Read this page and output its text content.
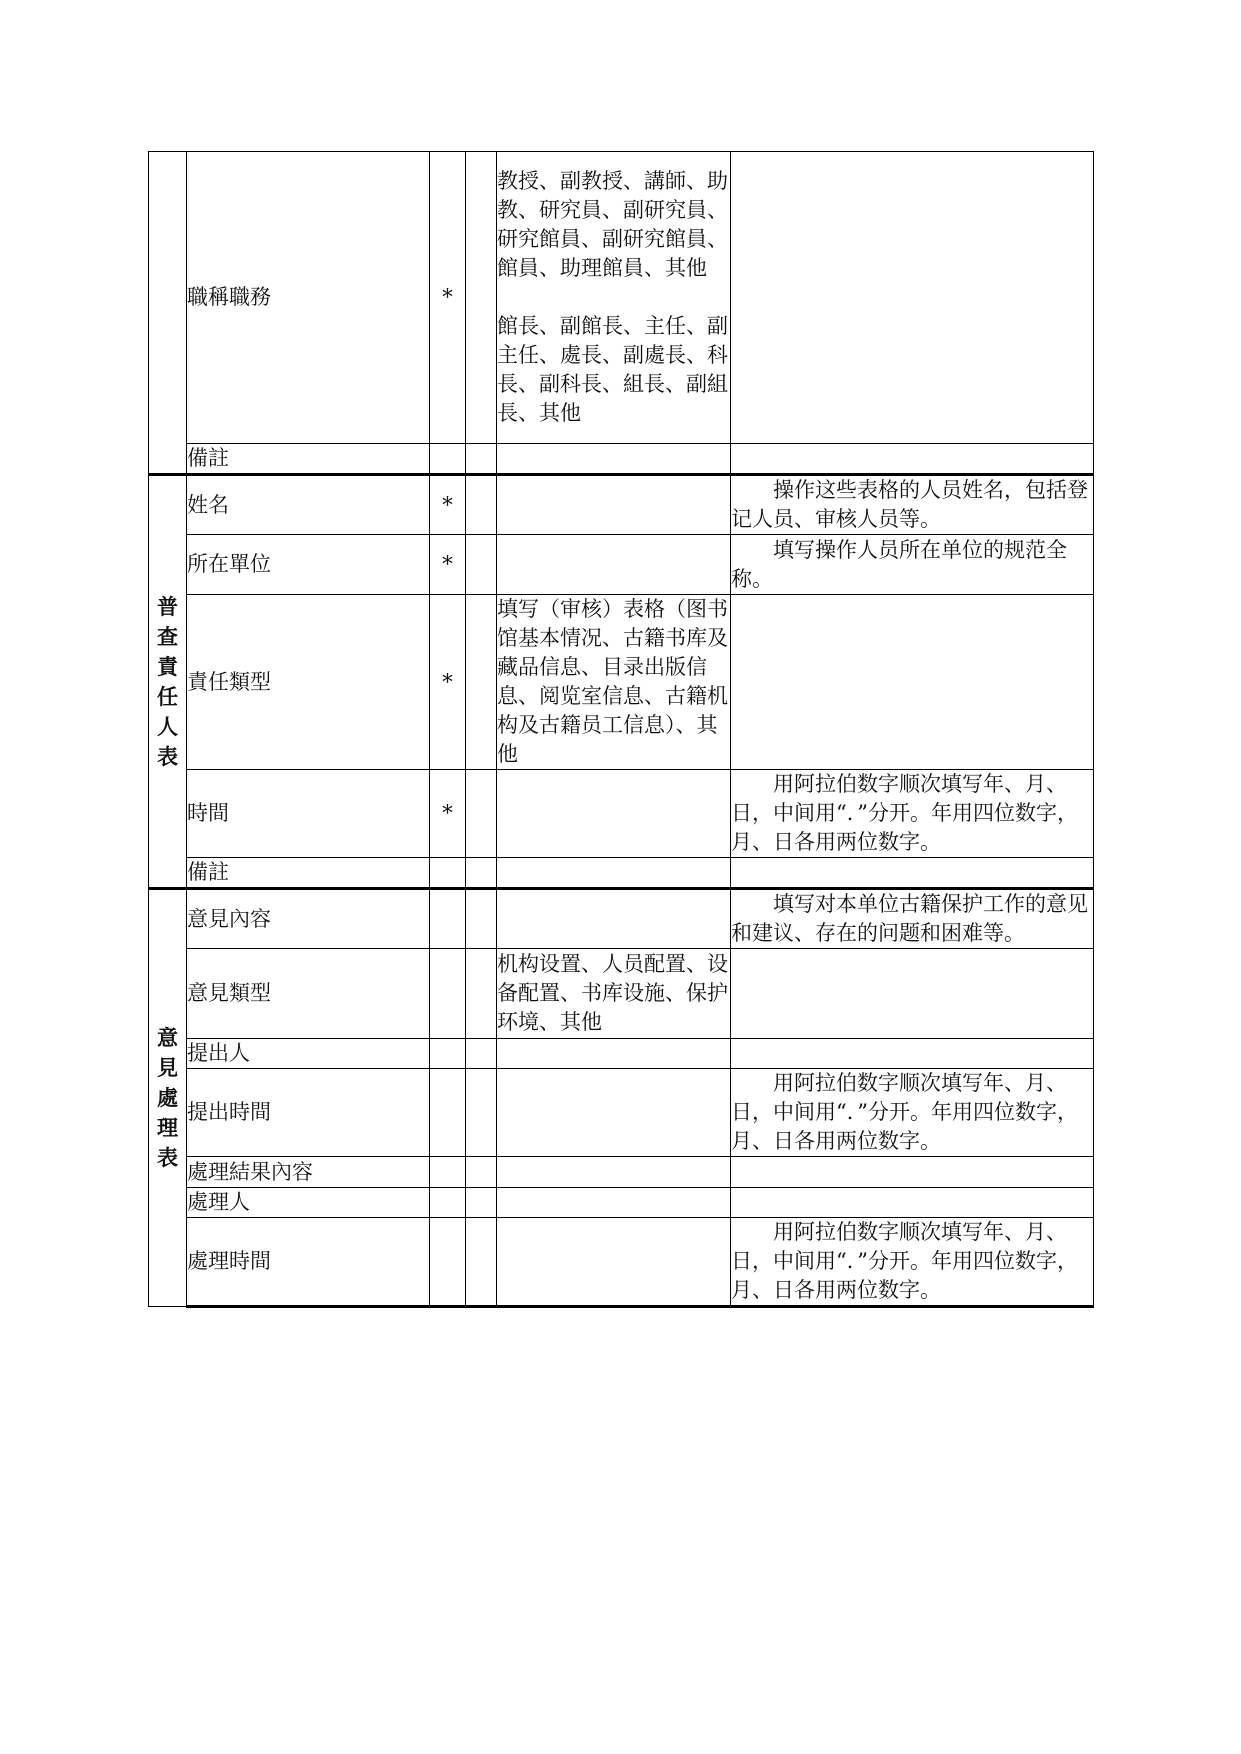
	職稱職務	*		教授、副教授、講師、助教、研究員、副研究員、研究館員、副研究館員、館員、助理館員、其他

館長、副館長、主任、副主任、處長、副處長、科長、副科長、組長、副組長、其他	
	備註				
普查責任人表	姓名	*			操作这些表格的人员姓名，包括登记人员、审核人员等。
	所在單位	*			填写操作人员所在单位的规范全称。
	責任類型	*		填写（审核）表格（图书馆基本情况、古籍书库及藏品信息、目录出版信息、阅览室信息、古籍机构及古籍员工信息）、其他	
	時間	*			用阿拉伯数字顺次填写年、月、日，中间用“．”分开。年用四位数字，月、日各用两位数字。
	備註				
意見處理表	意見內容				填写对本单位古籍保护工作的意见和建议、存在的问题和困难等。
	意見類型			机构设置、人员配置、设备配置、书库设施、保护环境、其他	
	提出人				
	提出時間				用阿拉伯数字顺次填写年、月、日，中间用“．”分开。年用四位数字，月、日各用两位数字。
	處理結果內容				
	處理人				
	處理時間				用阿拉伯数字顺次填写年、月、日，中间用“．”分开。年用四位数字，月、日各用两位数字。
